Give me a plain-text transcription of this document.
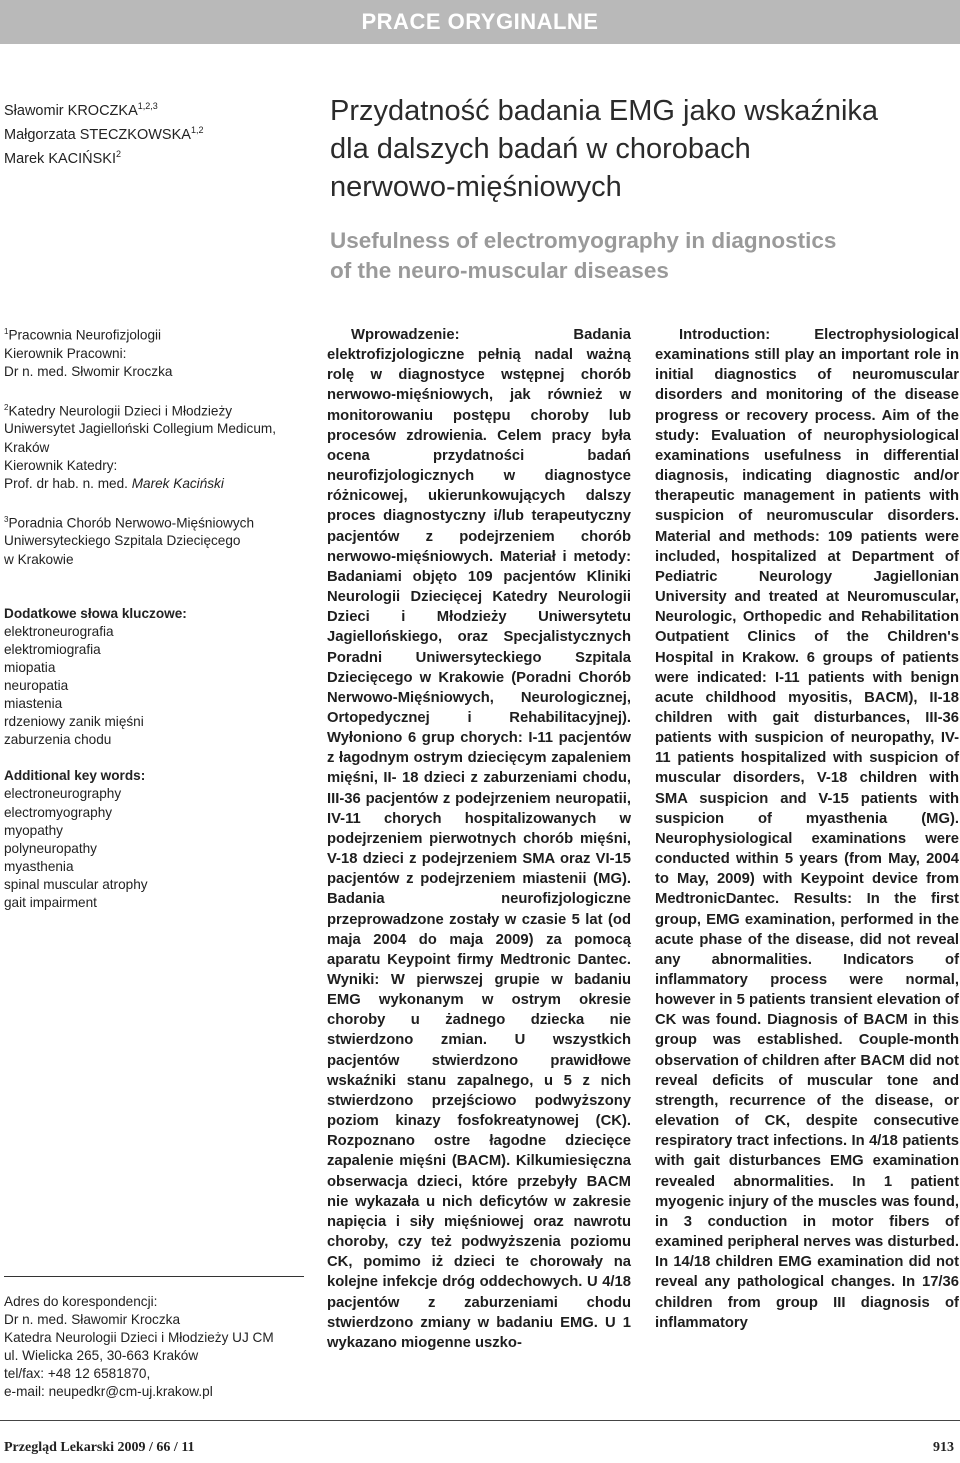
PRACE ORYGINALNE
Sławomir KROCZKA$^{1,2,3}$
Małgorzata STECZKOWSKA$^{1,2}$
Marek KACIŃSKI$^2$
Przydatność badania EMG jako wskaźnika
dla dalszych badań w chorobach
nerwowo-mięśniowych
Usefulness of electromyography in diagnostics
of the neuro-muscular diseases

$^1$Pracownia Neurofizjologii

Kierownik Pracowni:

Dr n. med. Słwomir Kroczka

$^2$Katedry Neurologii Dzieci i Młodzieży

Uniwersytet Jagielloński Collegium Medicum,

Kraków

Kierownik Katedry:

Prof. dr hab. n. med. Marek Kaciński

$^3$Poradnia Chorób Nerwowo-Mięśniowych

Uniwersyteckiego Szpitala Dziecięcego

w Krakowie

Dodatkowe słowa kluczowe:

elektroneurografia

elektromiografia

miopatia

neuropatia

miastenia

rdzeniowy zanik mięśni

zaburzenia chodu

Additional key words:

electroneurography

electromyography

myopathy

polyneuropathy

myasthenia

spinal muscular atrophy

gait impairment

Adres do korespondencji:

Dr n. med. Sławomir Kroczka

Katedra Neurologii Dzieci i Młodzieży UJ CM

ul. Wielicka 265, 30-663 Kraków

tel/fax: +48 12 6581870,

e-mail: neupedkr@cm-uj.krakow.pl

Wprowadzenie: Badania elektrofizjologiczne pełnią nadal ważną rolę w diagnostyce wstępnej chorób nerwowo-mięśniowych, jak również w monitorowaniu postępu choroby lub procesów zdrowienia. Celem pracy była ocena przydatności badań neurofizjologicznych w diagnostyce różnicowej, ukierunkowujących dalszy proces diagnostyczny i/lub terapeutyczny pacjentów z podejrzeniem chorób nerwowo-mięśniowych. Materiał i metody: Badaniami objęto 109 pacjentów Kliniki Neurologii Dziecięcej Katedry Neurologii Dzieci i Młodzieży Uniwersytetu Jagiellońskiego, oraz Specjalistycznych Poradni Uniwersyteckiego Szpitala Dziecięcego w Krakowie (Poradni Chorób Nerwowo-Mięśniowych, Neurologicznej, Ortopedycznej i Rehabilitacyjnej). Wyłoniono 6 grup chorych: I-11 pacjentów z łagodnym ostrym dziecięcym zapaleniem mięśni, II- 18 dzieci z zaburzeniami chodu, III-36 pacjentów z podejrzeniem neuropatii, IV-11 chorych hospitalizowanych w podejrzeniem pierwotnych chorób mięśni, V-18 dzieci z podejrzeniem SMA oraz VI-15 pacjentów z podejrzeniem miastenii (MG). Badania neurofizjologiczne przeprowadzone zostały w czasie 5 lat (od maja 2004 do maja 2009) za pomocą aparatu Keypoint firmy Medtronic Dantec. Wyniki: W pierwszej grupie w badaniu EMG wykonanym w ostrym okresie choroby u żadnego dziecka nie stwierdzono zmian. U wszystkich pacjentów stwierdzono prawidłowe wskaźniki stanu zapalnego, u 5 z nich stwierdzono przejściowo podwyższony poziom kinazy fosfokreatynowej (CK). Rozpoznano ostre łagodne dziecięce zapalenie mięśni (BACM). Kilkumiesięczna obserwacja dzieci, które przebyły BACM nie wykazała u nich deficytów w zakresie napięcia i siły mięśniowej oraz nawrotu choroby, czy też podwyższenia poziomu CK, pomimo iż dzieci te chorowały na kolejne infekcje dróg oddechowych. U 4/18 pacjentów z zaburzeniami chodu stwierdzono zmiany w badaniu EMG. U 1 wykazano miogenne uszko-
Introduction: Electrophysiological examinations still play an important role in initial diagnostics of neuromuscular disorders and monitoring of the disease progress or recovery process. Aim of the study: Evaluation of neurophysiological examinations usefulness in differential diagnosis, indicating diagnostic and/or therapeutic management in patients with suspicion of neuromuscular disorders. Material and methods: 109 patients were included, hospitalized at Department of Pediatric Neurology Jagiellonian University and treated at Neuromuscular, Neurologic, Orthopedic and Rehabilitation Outpatient Clinics of the Children's Hospital in Krakow. 6 groups of patients were indicated: I-11 patients with benign acute childhood myositis, BACM), II-18 children with gait disturbances, III-36 patients with suspicion of neuropathy, IV-11 patients hospitalized with suspicion of muscular disorders, V-18 children with SMA suspicion and V-15 patients with suspicion of myasthenia (MG). Neurophysiological examinations were conducted within 5 years (from May, 2004 to May, 2009) with Keypoint device from MedtronicDantec. Results: In the first group, EMG examination, performed in the acute phase of the disease, did not reveal any abnormalities. Indicators of inflammatory process were normal, however in 5 patients transient elevation of CK was found. Diagnosis of BACM in this group was established. Couple-month observation of children after BACM did not reveal deficits of muscular tone and strength, recurrence of the disease, or elevation of CK, despite consecutive respiratory tract infections. In 4/18 patients with gait disturbances EMG examination revealed abnormalities. In 1 patient myogenic injury of the muscles was found, in 3 conduction in motor fibers of examined peripheral nerves was disturbed. In 14/18 children EMG examination did not reveal any pathological changes. In 17/36 children from group III diagnosis of inflammatory
Przegląd Lekarski 2009 / 66 / 11	913
